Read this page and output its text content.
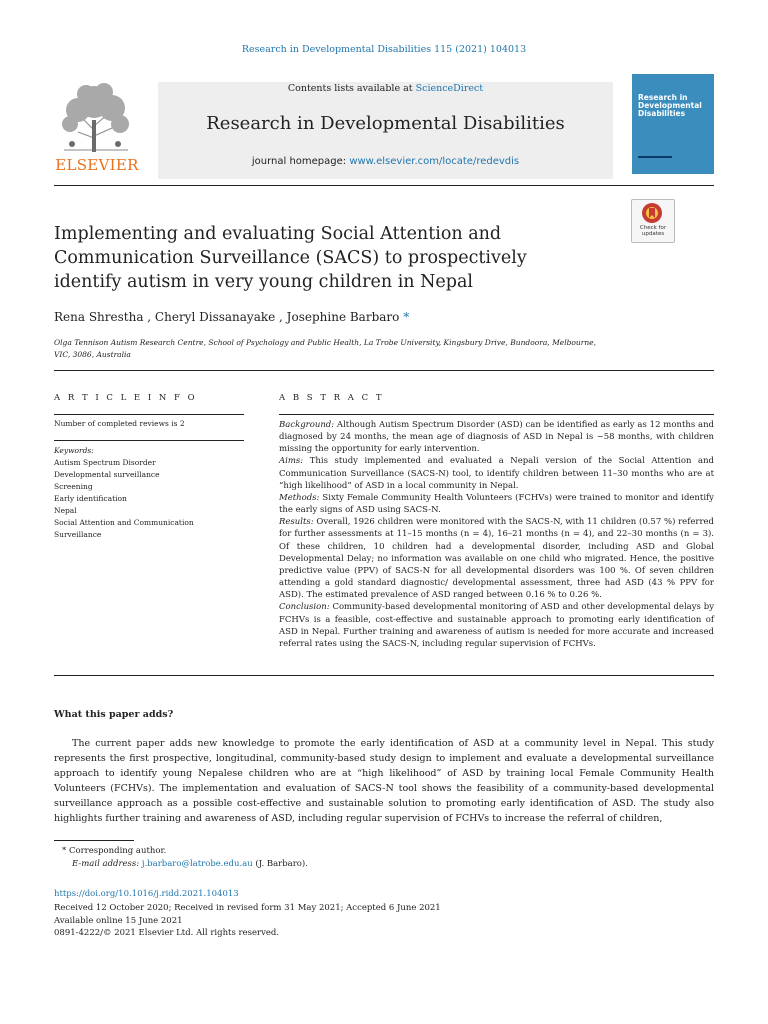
Research in Developmental Disabilities 115 (2021) 104013
ELSEVIER
Contents lists available at ScienceDirect
Research in Developmental Disabilities
journal homepage: www.elsevier.com/locate/redevdis
Research in Developmental Disabilities
Implementing and evaluating Social Attention and Communication Surveillance (SACS) to prospectively identify autism in very young children in Nepal
Check for updates
Rena Shrestha , Cheryl Dissanayake , Josephine Barbaro *
Olga Tennison Autism Research Centre, School of Psychology and Public Health, La Trobe University, Kingsbury Drive, Bundoora, Melbourne, VIC, 3086, Australia
A R T I C L E I N F O	A B S T R A C T
Number of completed reviews is 2
Keywords:
Autism Spectrum Disorder
Developmental surveillance
Screening
Early identification
Nepal
Social Attention and Communication
Surveillance

Background: Although Autism Spectrum Disorder (ASD) can be identified as early as 12 months and diagnosed by 24 months, the mean age of diagnosis of ASD in Nepal is ~58 months, with children missing the opportunity for early intervention.

Aims: This study implemented and evaluated a Nepali version of the Social Attention and Communication Surveillance (SACS-N) tool, to identify children between 11–30 months who are at “high likelihood” of ASD in a local community in Nepal.

Methods: Sixty Female Community Health Volunteers (FCHVs) were trained to monitor and identify the early signs of ASD using SACS-N.

Results: Overall, 1926 children were monitored with the SACS-N, with 11 children (0.57 %) referred for further assessments at 11–15 months (n = 4), 16–21 months (n = 4), and 22–30 months (n = 3). Of these children, 10 children had a developmental disorder, including ASD and Global Developmental Delay; no information was available on one child who migrated. Hence, the positive predictive value (PPV) of SACS-N for all developmental disorders was 100 %. Of seven children attending a gold standard diagnostic/ developmental assessment, three had ASD (43 % PPV for ASD). The estimated prevalence of ASD ranged between 0.16 % to 0.26 %.

Conclusion: Community-based developmental monitoring of ASD and other developmental delays by FCHVs is a feasible, cost-effective and sustainable approach to promoting early identification of ASD in Nepal. Further training and awareness of autism is needed for more accurate and increased referral rates using the SACS-N, including regular supervision of FCHVs.

What this paper adds?
The current paper adds new knowledge to promote the early identification of ASD at a community level in Nepal. This study represents the first prospective, longitudinal, community-based study design to implement and evaluate a developmental surveillance approach to identify young Nepalese children who are at “high likelihood” of ASD by training local Female Community Health Volunteers (FCHVs). The implementation and evaluation of SACS-N tool shows the feasibility of a community-based developmental surveillance approach as a possible cost-effective and sustainable solution to promoting early identification of ASD. The study also highlights further training and awareness of ASD, including regular supervision of FCHVs to increase the referral of children,
* Corresponding author.
E-mail address: j.barbaro@latrobe.edu.au (J. Barbaro).
https://doi.org/10.1016/j.ridd.2021.104013
Received 12 October 2020; Received in revised form 31 May 2021; Accepted 6 June 2021
Available online 15 June 2021
0891-4222/© 2021 Elsevier Ltd. All rights reserved.
